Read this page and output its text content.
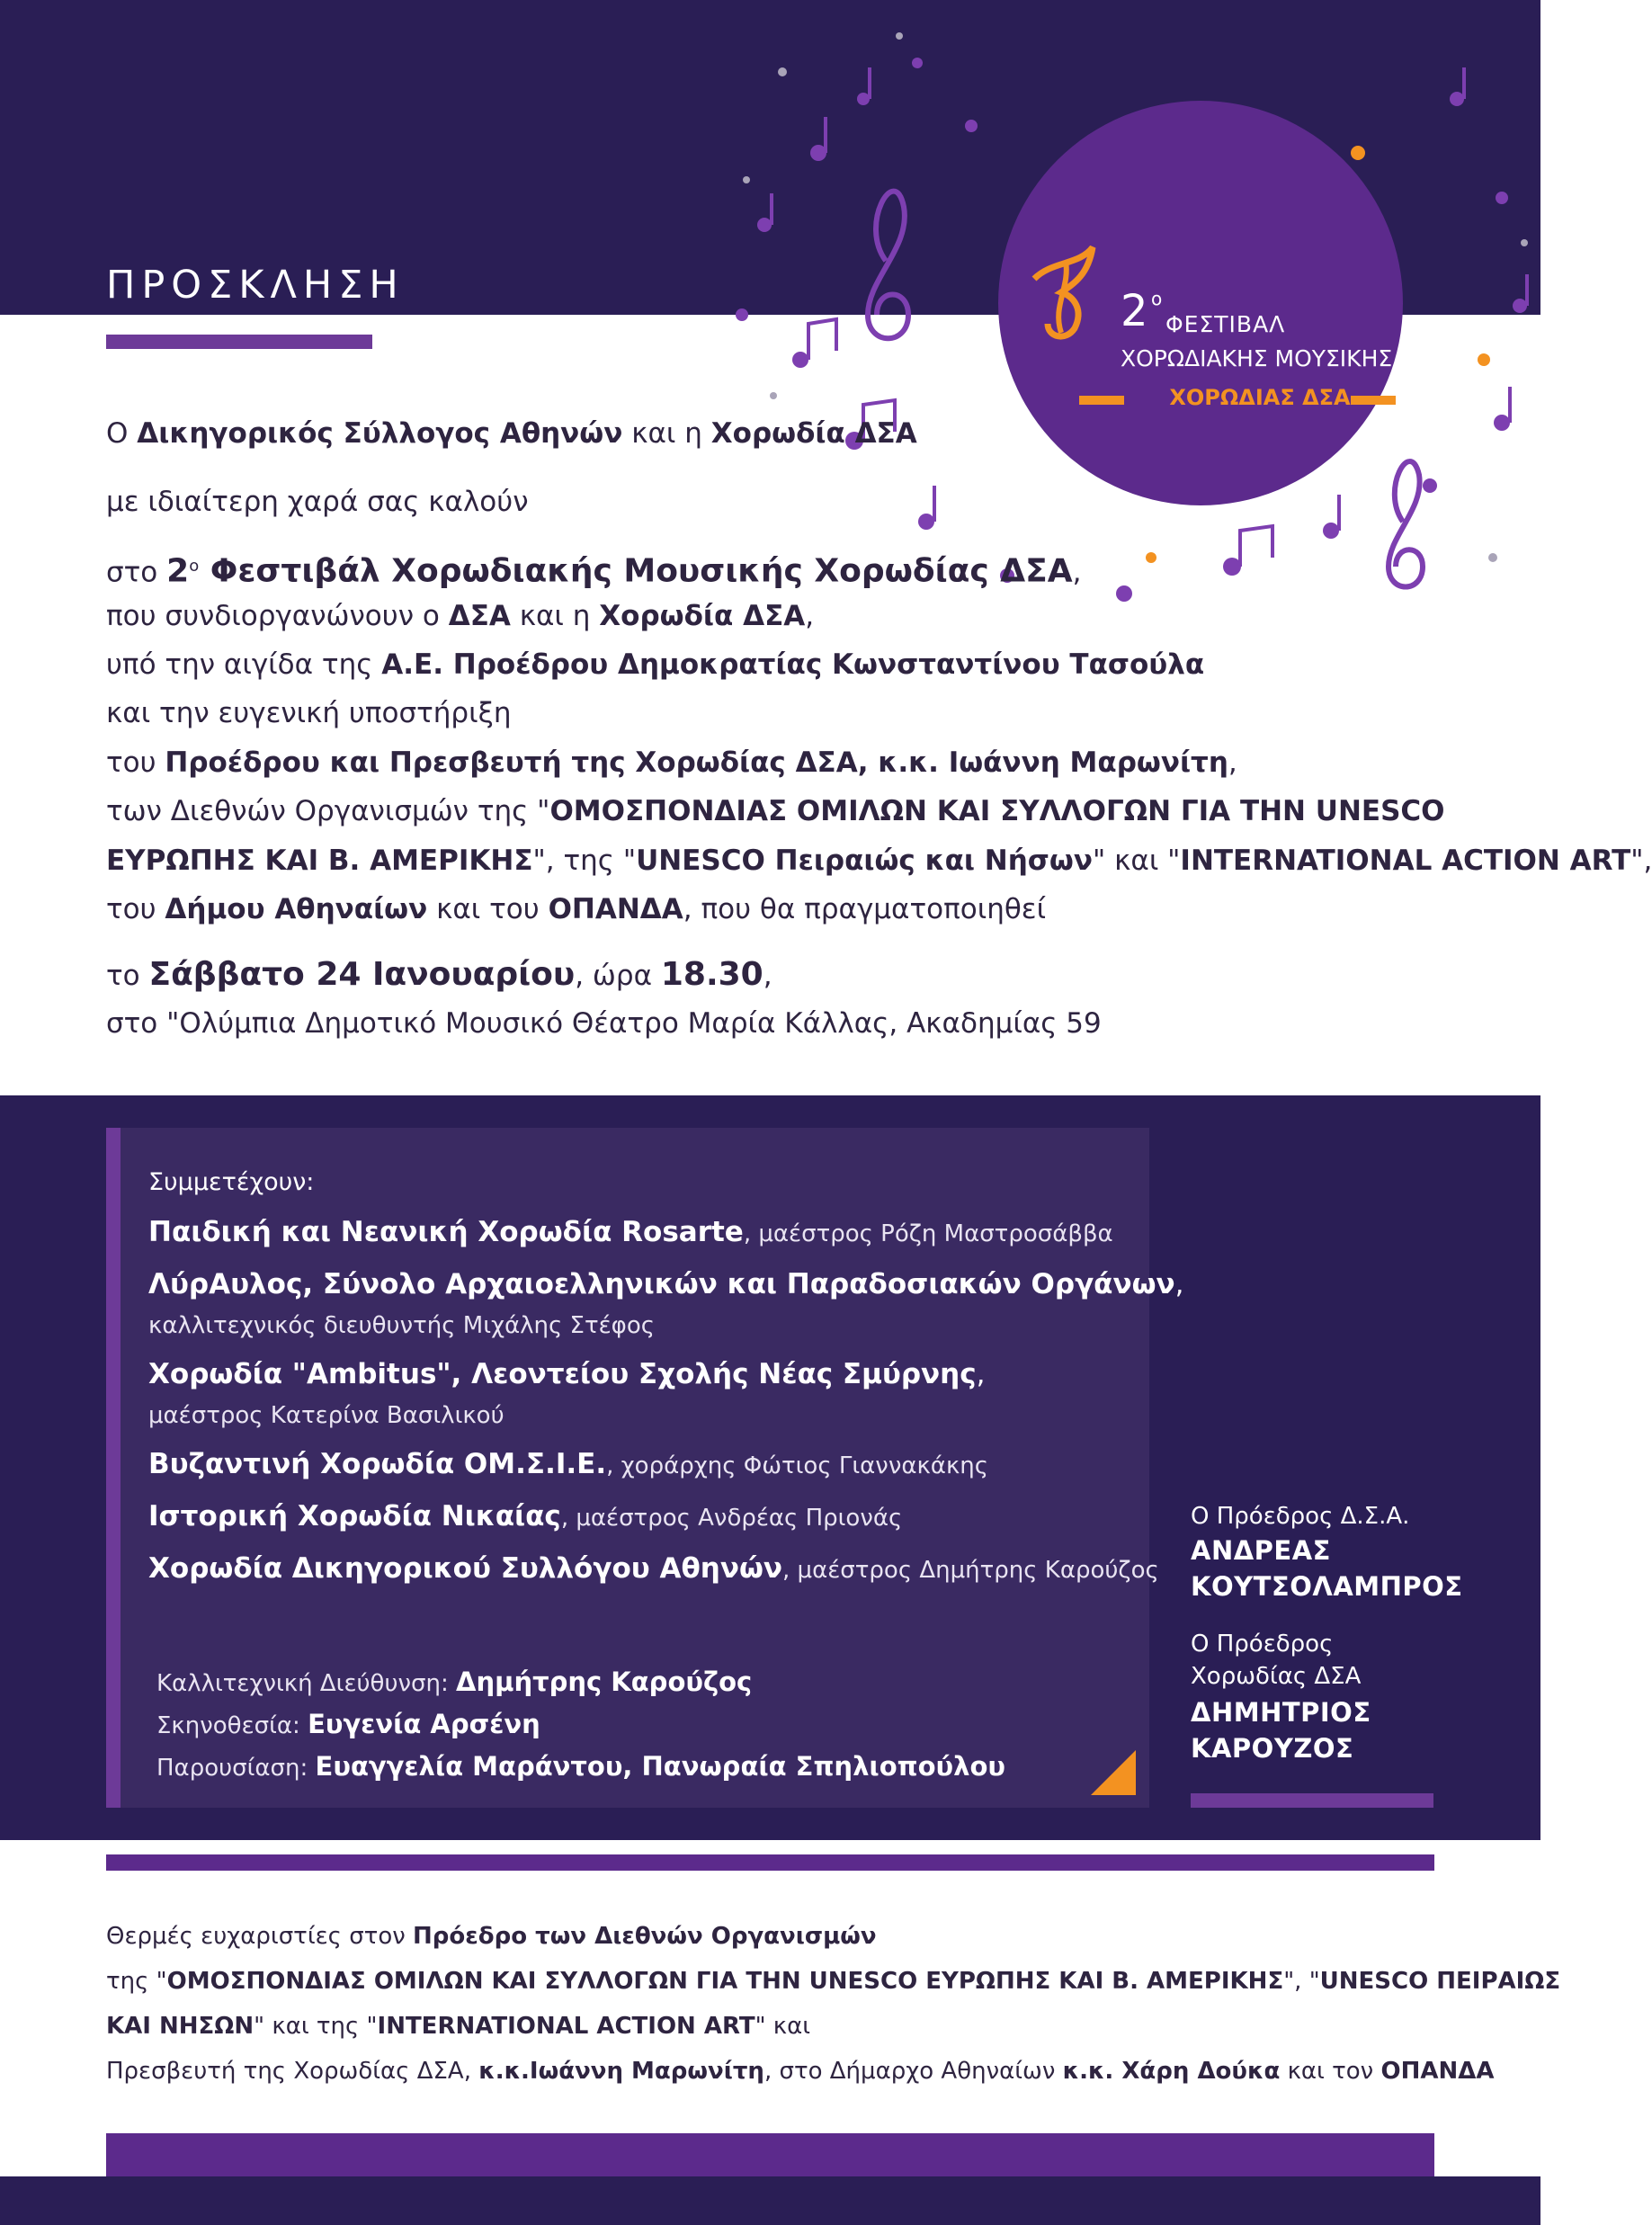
ΠΡΟΣΚΛΗΣΗ
2 ο
ΦΕΣΤΙΒΑΛ
ΧΟΡΩΔΙΑΚΗΣ ΜΟΥΣΙΚΗΣ
ΧΟΡΩΔΙΑΣ ΔΣΑ
Ο Δικηγορικός Σύλλογος Αθηνών και η Χορωδία ΔΣΑ
με ιδιαίτερη χαρά σας καλούν
στο $2^o$ Φεστιβάλ Χορωδιακής Μουσικής Χορωδίας ΔΣΑ,
που συνδιοργανώνουν ο ΔΣΑ και η Χορωδία ΔΣΑ,
υπό την αιγίδα της Α.Ε. Προέδρου Δημοκρατίας Κωνσταντίνου Τασούλα
και την ευγενική υποστήριξη
του Προέδρου και Πρεσβευτή της Χορωδίας ΔΣΑ, κ.κ. Ιωάννη Μαρωνίτη,
των Διεθνών Οργανισμών της "ΟΜΟΣΠΟΝΔΙΑΣ ΟΜΙΛΩΝ ΚΑΙ ΣΥΛΛΟΓΩΝ ΓΙΑ ΤΗΝ UNESCO
ΕΥΡΩΠΗΣ ΚΑΙ Β. ΑΜΕΡΙΚΗΣ", της "UNESCO Πειραιώς και Νήσων" και "INTERNATIONAL ACTION ART",
του Δήμου Αθηναίων και του ΟΠΑΝΔΑ, που θα πραγματοποιηθεί
το Σάββατο 24 Ιανουαρίου, ώρα 18.30,
στο "Ολύμπια Δημοτικό Μουσικό Θέατρο Μαρία Κάλλας, Ακαδημίας 59
Συμμετέχουν:
Παιδική και Νεανική Χορωδία Rosarte, μαέστρος Ρόζη Μαστροσάββα
ΛύρΑυλος, Σύνολο Αρχαιοελληνικών και Παραδοσιακών Οργάνων,
καλλιτεχνικός διευθυντής Μιχάλης Στέφος
Χορωδία "Ambitus", Λεοντείου Σχολής Νέας Σμύρνης,
μαέστρος Κατερίνα Βασιλικού
Βυζαντινή Χορωδία ΟΜ.Σ.Ι.Ε., χοράρχης Φώτιος Γιαννακάκης
Ιστορική Χορωδία Νικαίας, μαέστρος Ανδρέας Πριονάς
Χορωδία Δικηγορικού Συλλόγου Αθηνών, μαέστρος Δημήτρης Καρούζος
Καλλιτεχνική Διεύθυνση: Δημήτρης Καρούζος
Σκηνοθεσία: Ευγενία Αρσένη
Παρουσίαση: Ευαγγελία Μαράντου, Πανωραία Σπηλιοπούλου
Ο Πρόεδρος Δ.Σ.Α.
ΑΝΔΡΕΑΣ
ΚΟΥΤΣΟΛΑΜΠΡΟΣ
Ο Πρόεδρος
Χορωδίας ΔΣΑ
ΔΗΜΗΤΡΙΟΣ
ΚΑΡΟΥΖΟΣ
Θερμές ευχαριστίες στον Πρόεδρο των Διεθνών Οργανισμών
της "ΟΜΟΣΠΟΝΔΙΑΣ ΟΜΙΛΩΝ ΚΑΙ ΣΥΛΛΟΓΩΝ ΓΙΑ ΤΗΝ UNESCO ΕΥΡΩΠΗΣ ΚΑΙ Β. ΑΜΕΡΙΚΗΣ", "UNESCO ΠΕΙΡΑΙΩΣ
ΚΑΙ ΝΗΣΩΝ" και της "INTERNATIONAL ACTION ART" και
Πρεσβευτή της Χορωδίας ΔΣΑ, κ.κ.Ιωάννη Μαρωνίτη, στο Δήμαρχο Αθηναίων κ.κ. Χάρη Δούκα και τον ΟΠΑΝΔΑ
